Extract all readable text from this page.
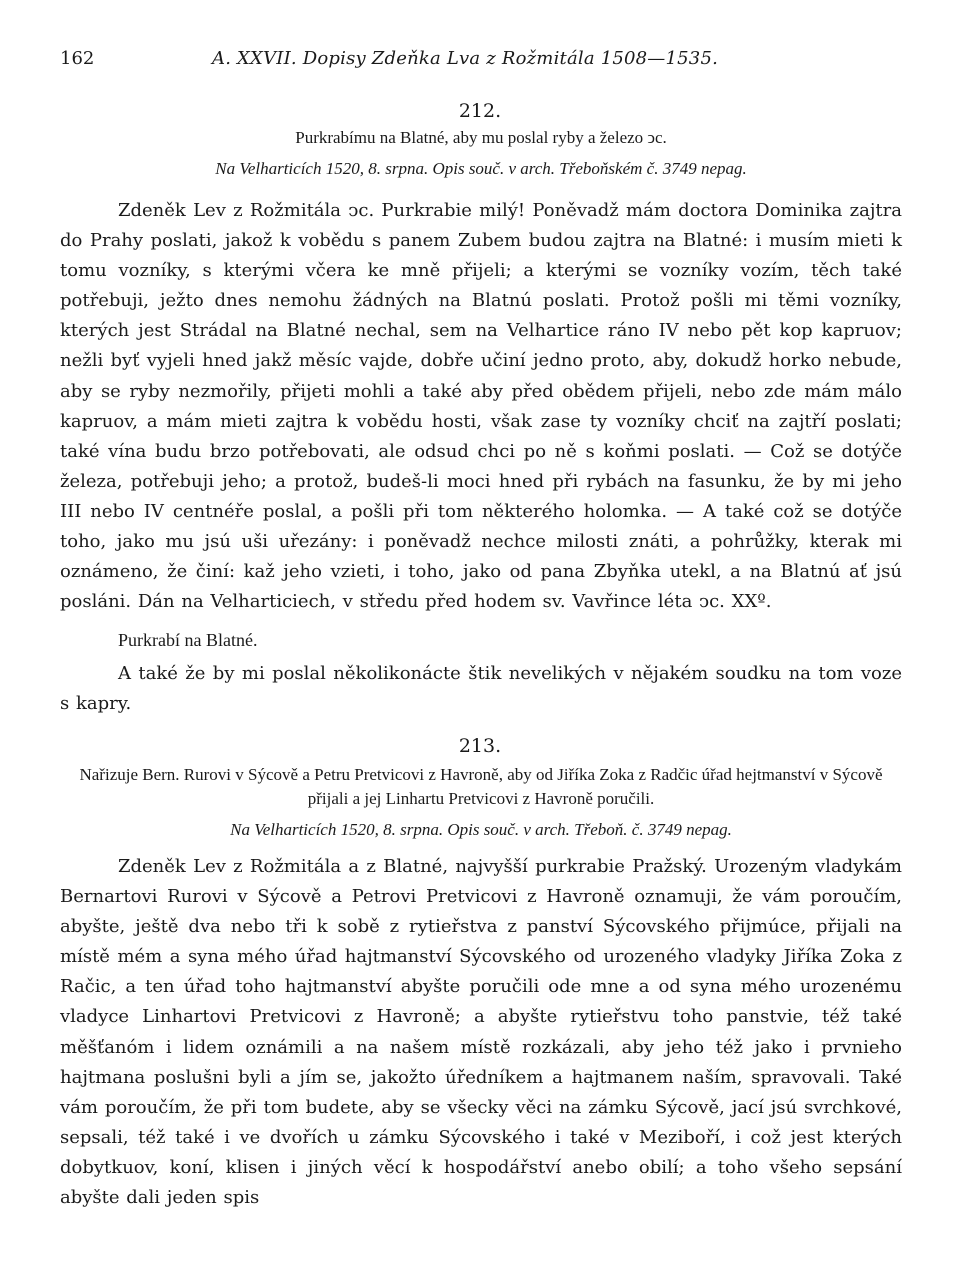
162	A. XXVII. Dopisy Zdeňka Lva z Rožmitála 1508—1535.
212.
Purkrabímu na Blatné, aby mu poslal ryby a železo ͻc.
Na Velharticích 1520, 8. srpna. Opis souč. v arch. Třeboňském č. 3749 nepag.

Zdeněk Lev z Rožmitála ͻc. Purkrabie milý! Poněvadž mám doctora Dominika zajtra do Prahy poslati, jakož k vobědu s panem Zubem budou zajtra na Blatné: i musím mieti k tomu vozníky, s kterými včera ke mně přijeli; a kterými se vozníky vozím, těch také potřebuji, ježto dnes nemohu žádných na Blatnú poslati. Protož pošli mi těmi vozníky, kterých jest Strádal na Blatné nechal, sem na Velhartice ráno IV nebo pět kop kapruov; nežli byť vyjeli hned jakž měsíc vajde, dobře učiní jedno proto, aby, dokudž horko nebude, aby se ryby nezmořily, přijeti mohli a také aby před obědem přijeli, nebo zde mám málo kapruov, a mám mieti zajtra k vobědu hosti, však zase ty vozníky chciť na zajtří poslati; také vína budu brzo potřebovati, ale odsud chci po ně s koňmi poslati. — Což se dotýče železa, potřebuji jeho; a protož, budeš-li moci hned při rybách na fasunku, že by mi jeho III nebo IV centnéře poslal, a pošli při tom některého holomka. — A také což se dotýče toho, jako mu jsú uši uřezány: i poněvadž nechce milosti znáti, a pohrůžky, kterak mi oznámeno, že činí: kaž jeho vzieti, i toho, jako od pana Zbyňka utekl, a na Blatnú ať jsú posláni. Dán na Velharticiech, v středu před hodem sv. Vavřince léta ͻc. XXº.

Purkrabí na Blatné.

A také že by mi poslal několikonácte štik nevelikých v nějakém soudku na tom voze s kapry.

213.
Nařizuje Bern. Rurovi v Sýcově a Petru Pretvicovi z Havroně, aby od Jiříka Zoka z Radčic úřad hejtmanství v Sýcově přijali a jej Linhartu Pretvicovi z Havroně poručili.
Na Velharticích 1520, 8. srpna. Opis souč. v arch. Třeboň. č. 3749 nepag.

Zdeněk Lev z Rožmitála a z Blatné, najvyšší purkrabie Pražský. Urozeným vladykám Bernartovi Rurovi v Sýcově a Petrovi Pretvicovi z Havroně oznamuji, že vám poroučím, abyšte, ještě dva nebo tři k sobě z rytieřstva z panství Sýcovského přijmúce, přijali na místě mém a syna mého úřad hajtmanství Sýcovského od urozeného vladyky Jiříka Zoka z Račic, a ten úřad toho hajtmanství abyšte poručili ode mne a od syna mého urozenému vladyce Linhartovi Pretvicovi z Havroně; a abyšte rytieřstvu toho panstvie, též také měšťanóm i lidem oznámili a na našem místě rozkázali, aby jeho též jako i prvnieho hajtmana poslušni byli a jím se, jakožto úředníkem a hajtmanem naším, spravovali. Také vám poroučím, že při tom budete, aby se všecky věci na zámku Sýcově, jací jsú svrchkové, sepsali, též také i ve dvořích u zámku Sýcovského i také v Meziboří, i což jest kterých dobytkuov, koní, klisen i jiných věcí k hospodářství anebo obilí; a toho všeho sepsání abyšte dali jeden spis
